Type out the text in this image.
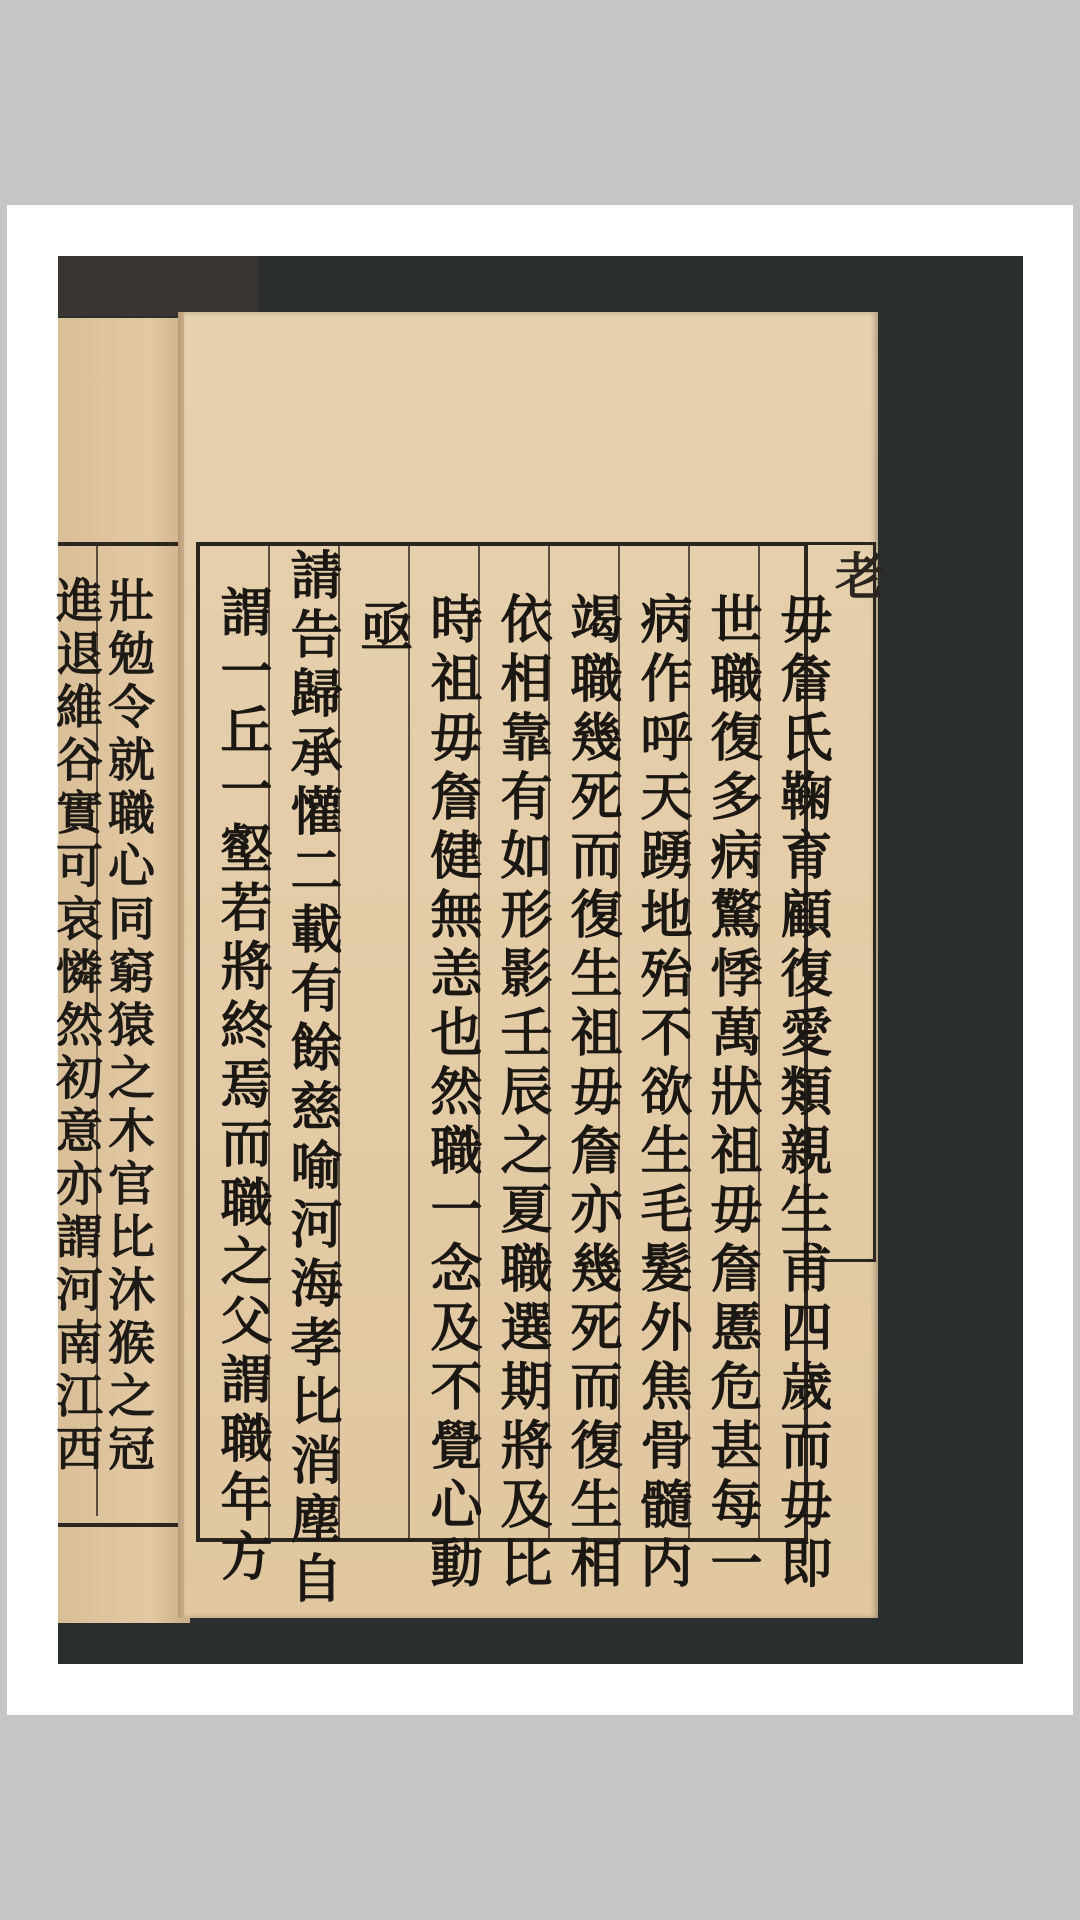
壯勉令就職心同窮猿之木官比沐猴之冠
進退維谷實可哀憐然初意亦謂河南江西
老
毋詹氏鞠育顧復愛類親生甫四歲而毋即
世職復多病驚悸萬狀祖毋詹慝危甚每一
病作呼天踴地殆不欲生毛髮外焦骨髓内
竭職幾死而復生祖毋詹亦幾死而復生相
依相靠有如形影壬辰之夏職選期將及比
時祖毋詹健無恙也然職一念及不覺心動
亟
請告歸承懽二載有餘慈喻河海孝比消塵自
謂一丘一壑若將終焉而職之父謂職年方
